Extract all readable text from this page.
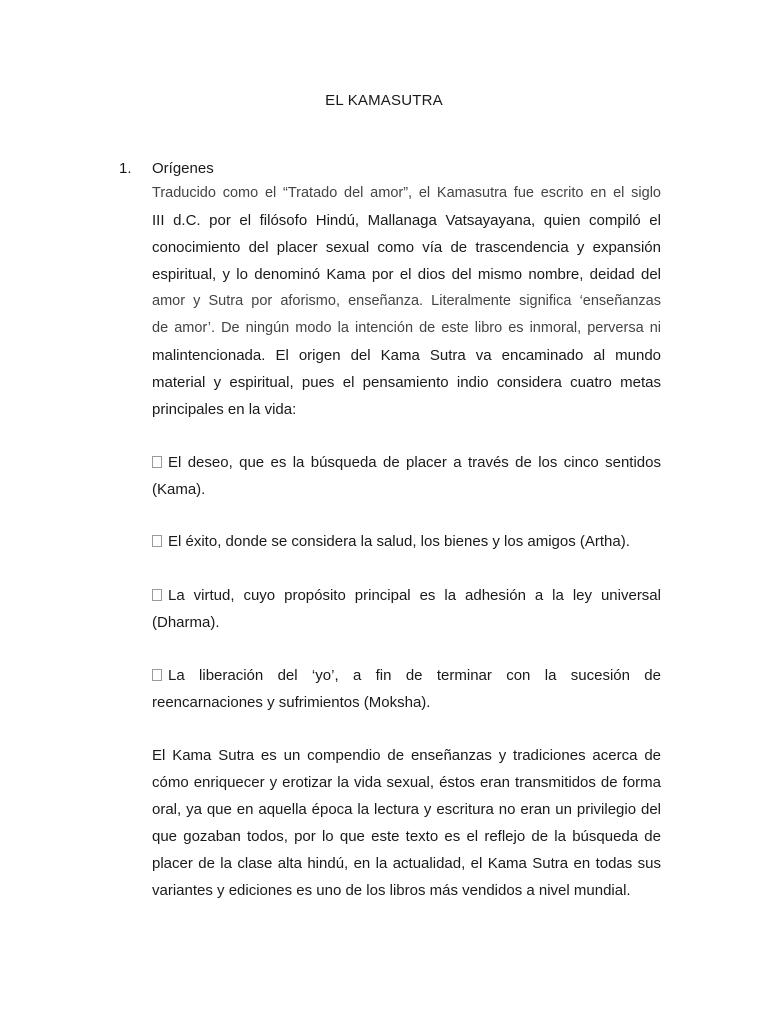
EL KAMASUTRA
1. Orígenes
Traducido como el “Tratado del amor”, el Kamasutra fue escrito en el siglo
III d.C. por el filósofo Hindú, Mallanaga Vatsayayana, quien compiló el
conocimiento del placer sexual como vía de trascendencia y expansión
espiritual, y lo denominó Kama por el dios del mismo nombre, deidad del
amor y Sutra por aforismo, enseñanza. Literalmente significa ‘enseñanzas
de amor’. De ningún modo la intención de este libro es inmoral, perversa ni
malintencionada. El origen del Kama Sutra va encaminado al mundo
material y espiritual, pues el pensamiento indio considera cuatro metas
principales en la vida:
El deseo, que es la búsqueda de placer a través de los cinco sentidos
(Kama).
El éxito, donde se considera la salud, los bienes y los amigos (Artha).
La virtud, cuyo propósito principal es la adhesión a la ley universal
(Dharma).
La liberación del ‘yo’, a fin de terminar con la sucesión de
reencarnaciones y sufrimientos (Moksha).
El Kama Sutra es un compendio de enseñanzas y tradiciones acerca de
cómo enriquecer y erotizar la vida sexual, éstos eran transmitidos de forma
oral, ya que en aquella época la lectura y escritura no eran un privilegio del
que gozaban todos, por lo que este texto es el reflejo de la búsqueda de
placer de la clase alta hindú, en la actualidad, el Kama Sutra en todas sus
variantes y ediciones es uno de los libros más vendidos a nivel mundial.
